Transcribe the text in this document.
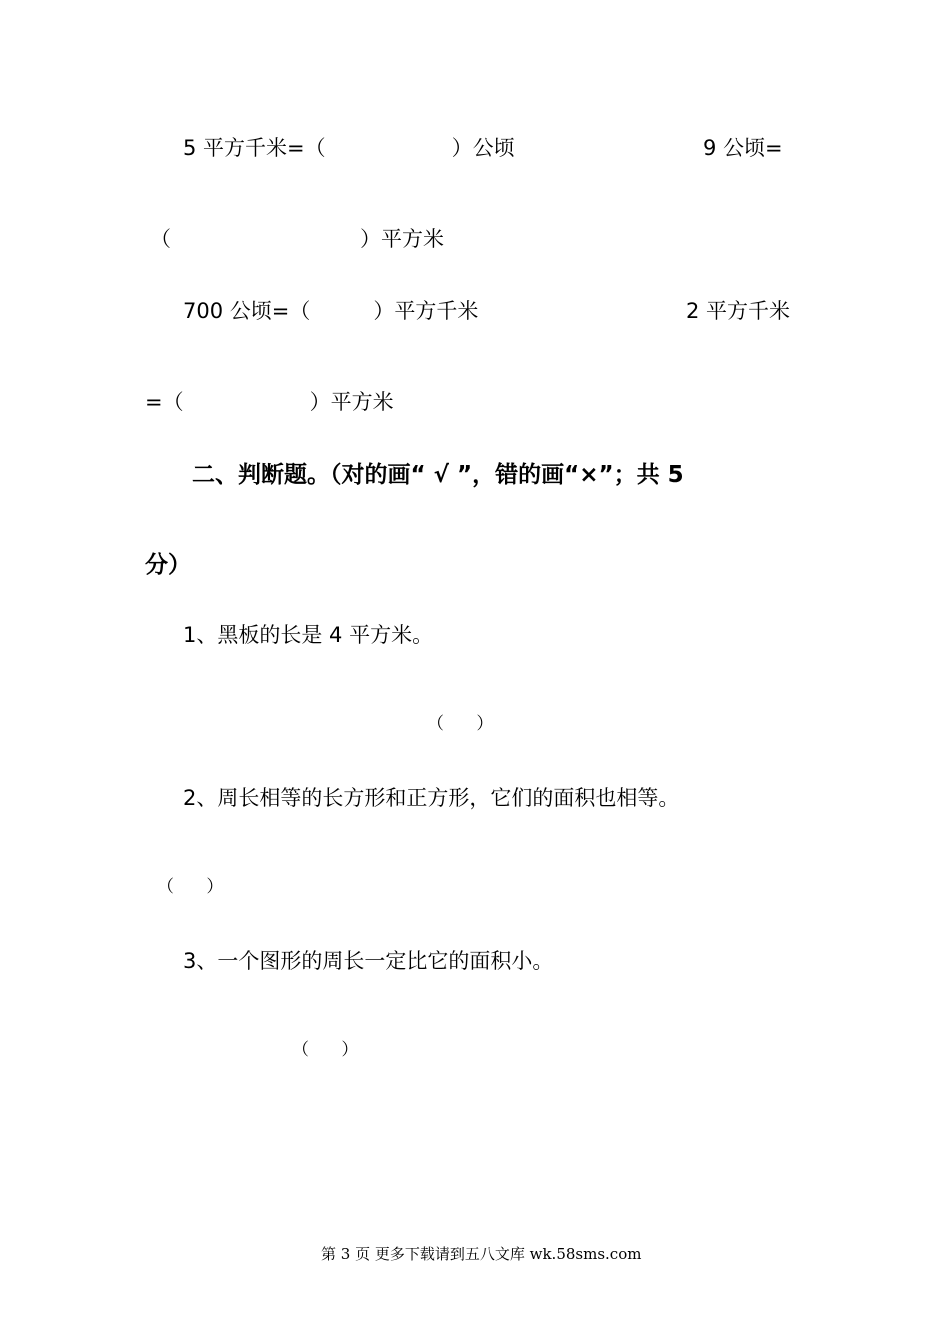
5 平方千米=（　　　　　　）公顷	9 公顷=
（　　　　　　　　　）平方米
700 公顷=（　　　）平方千米	2 平方千米
=（　　　　　　）平方米
二、判断题。（对的画“ √ ”，错的画“×”；共 5
分）
1、黑板的长是 4 平方米。
（      ）
2、周长相等的长方形和正方形，它们的面积也相等。
（      ）
3、一个图形的周长一定比它的面积小。
（      ）
第 3 页 更多下载请到五八文库 wk.58sms.com
